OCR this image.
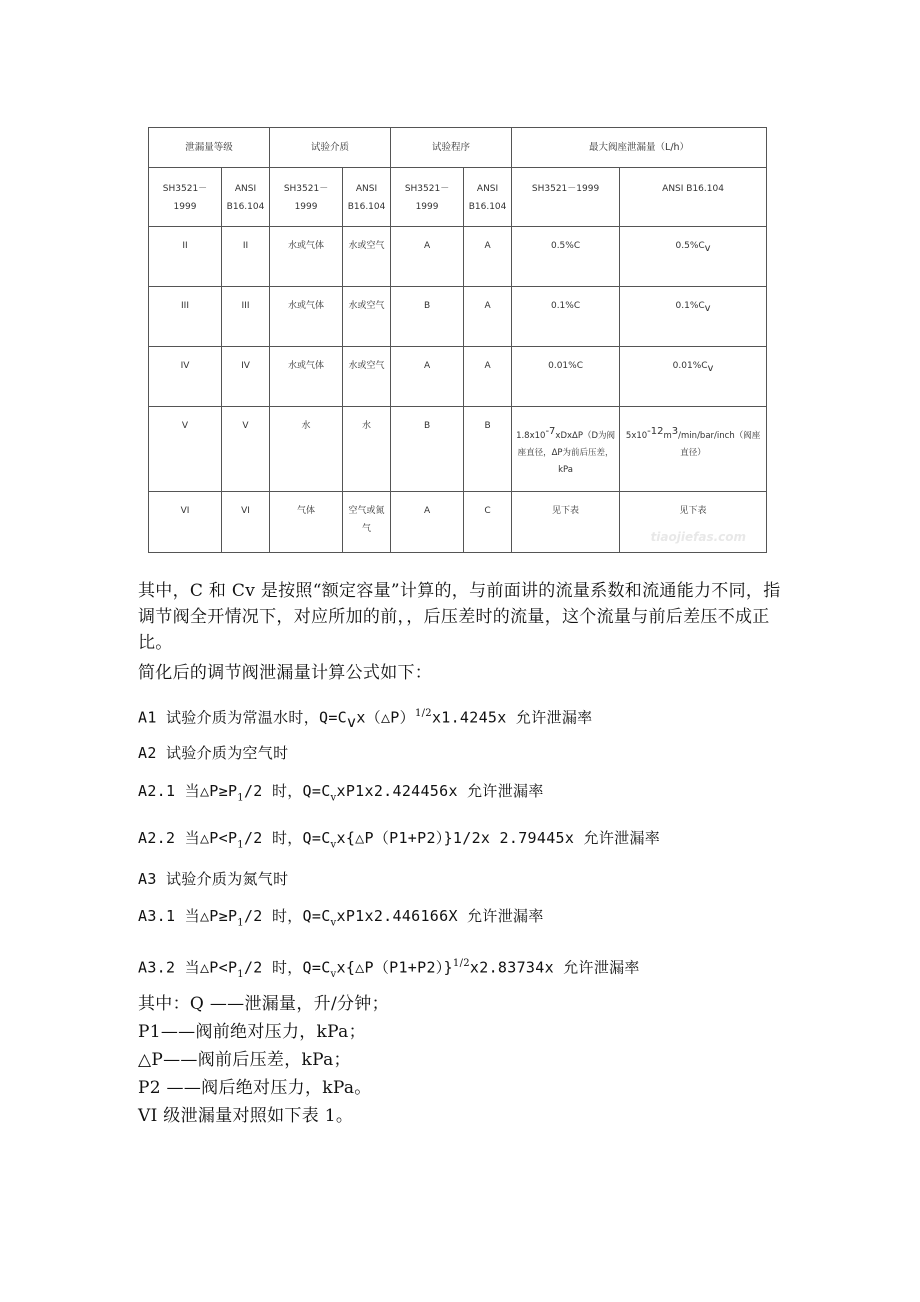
泄漏量等级		试验介质		试验程序		最大阀座泄漏量（L/h）	
SH3521－1999	ANSI B16.104	SH3521－1999	ANSI B16.104	SH3521－1999	ANSI B16.104	SH3521－1999	ANSI B16.104
II	II	水或气体	水或空气	A	A	0.5%C	$0.5\%C_v$
III	III	水或气体	水或空气	B	A	0.1%C	$0.1\%C_v$
IV	IV	水或气体	水或空气	A	A	0.01%C	$0.01\%C_v$
V	V	水	水	B	B	$1.8x10^{-7}xDx\Delta P(D$为阀座直径，ΔP为前后压差，kPa	$5x10^{-12}m^3/\min/bar/inch$（阀座直径）
VI	VI	气体	空气或氮气	A	C	见下表	见下表
tiaojiefas.com
其中，C 和 Cv 是按照“额定容量”计算的，与前面讲的流量系数和流通能力不同，指 调节阀全开情况下，对应所加的前，，后压差时的流量，这个流量与前后差压不成正比。
简化后的调节阀泄漏量计算公式如下：
A1 试验介质为常温水时，$Q=C_vx(\triangle P)^{1/2}x1.4245x$ 允许泄漏率
A2 试验介质为空气时
A2.1 当$\triangle P\ge P_1/2$ 时，$Q=C_vxP1x2.424456x$ 允许泄漏率
A2.2 当$\triangle P<P_1/2$ 时，$Q=C_vx\{\triangle P(P1+P2)\}1/2x$ 2.79445x 允许泄漏率
A3 试验介质为氮气时
A3.1 当$\triangle P\ge P_1/2$ 时，$Q=C_vxP1x2.446166X$ 允许泄漏率
A3.2 当$\triangle P<P_1/2$ 时，$Q=C_vx\{\triangle P(P1+P2)\}^{1/2}x2.83734x$ 允许泄漏率
其中：Q ——泄漏量，升/分钟；
P1——阀前绝对压力，kPa；
△P——阀前后压差，kPa；
P2 ——阀后绝对压力，kPa。
VI 级泄漏量对照如下表 1。
